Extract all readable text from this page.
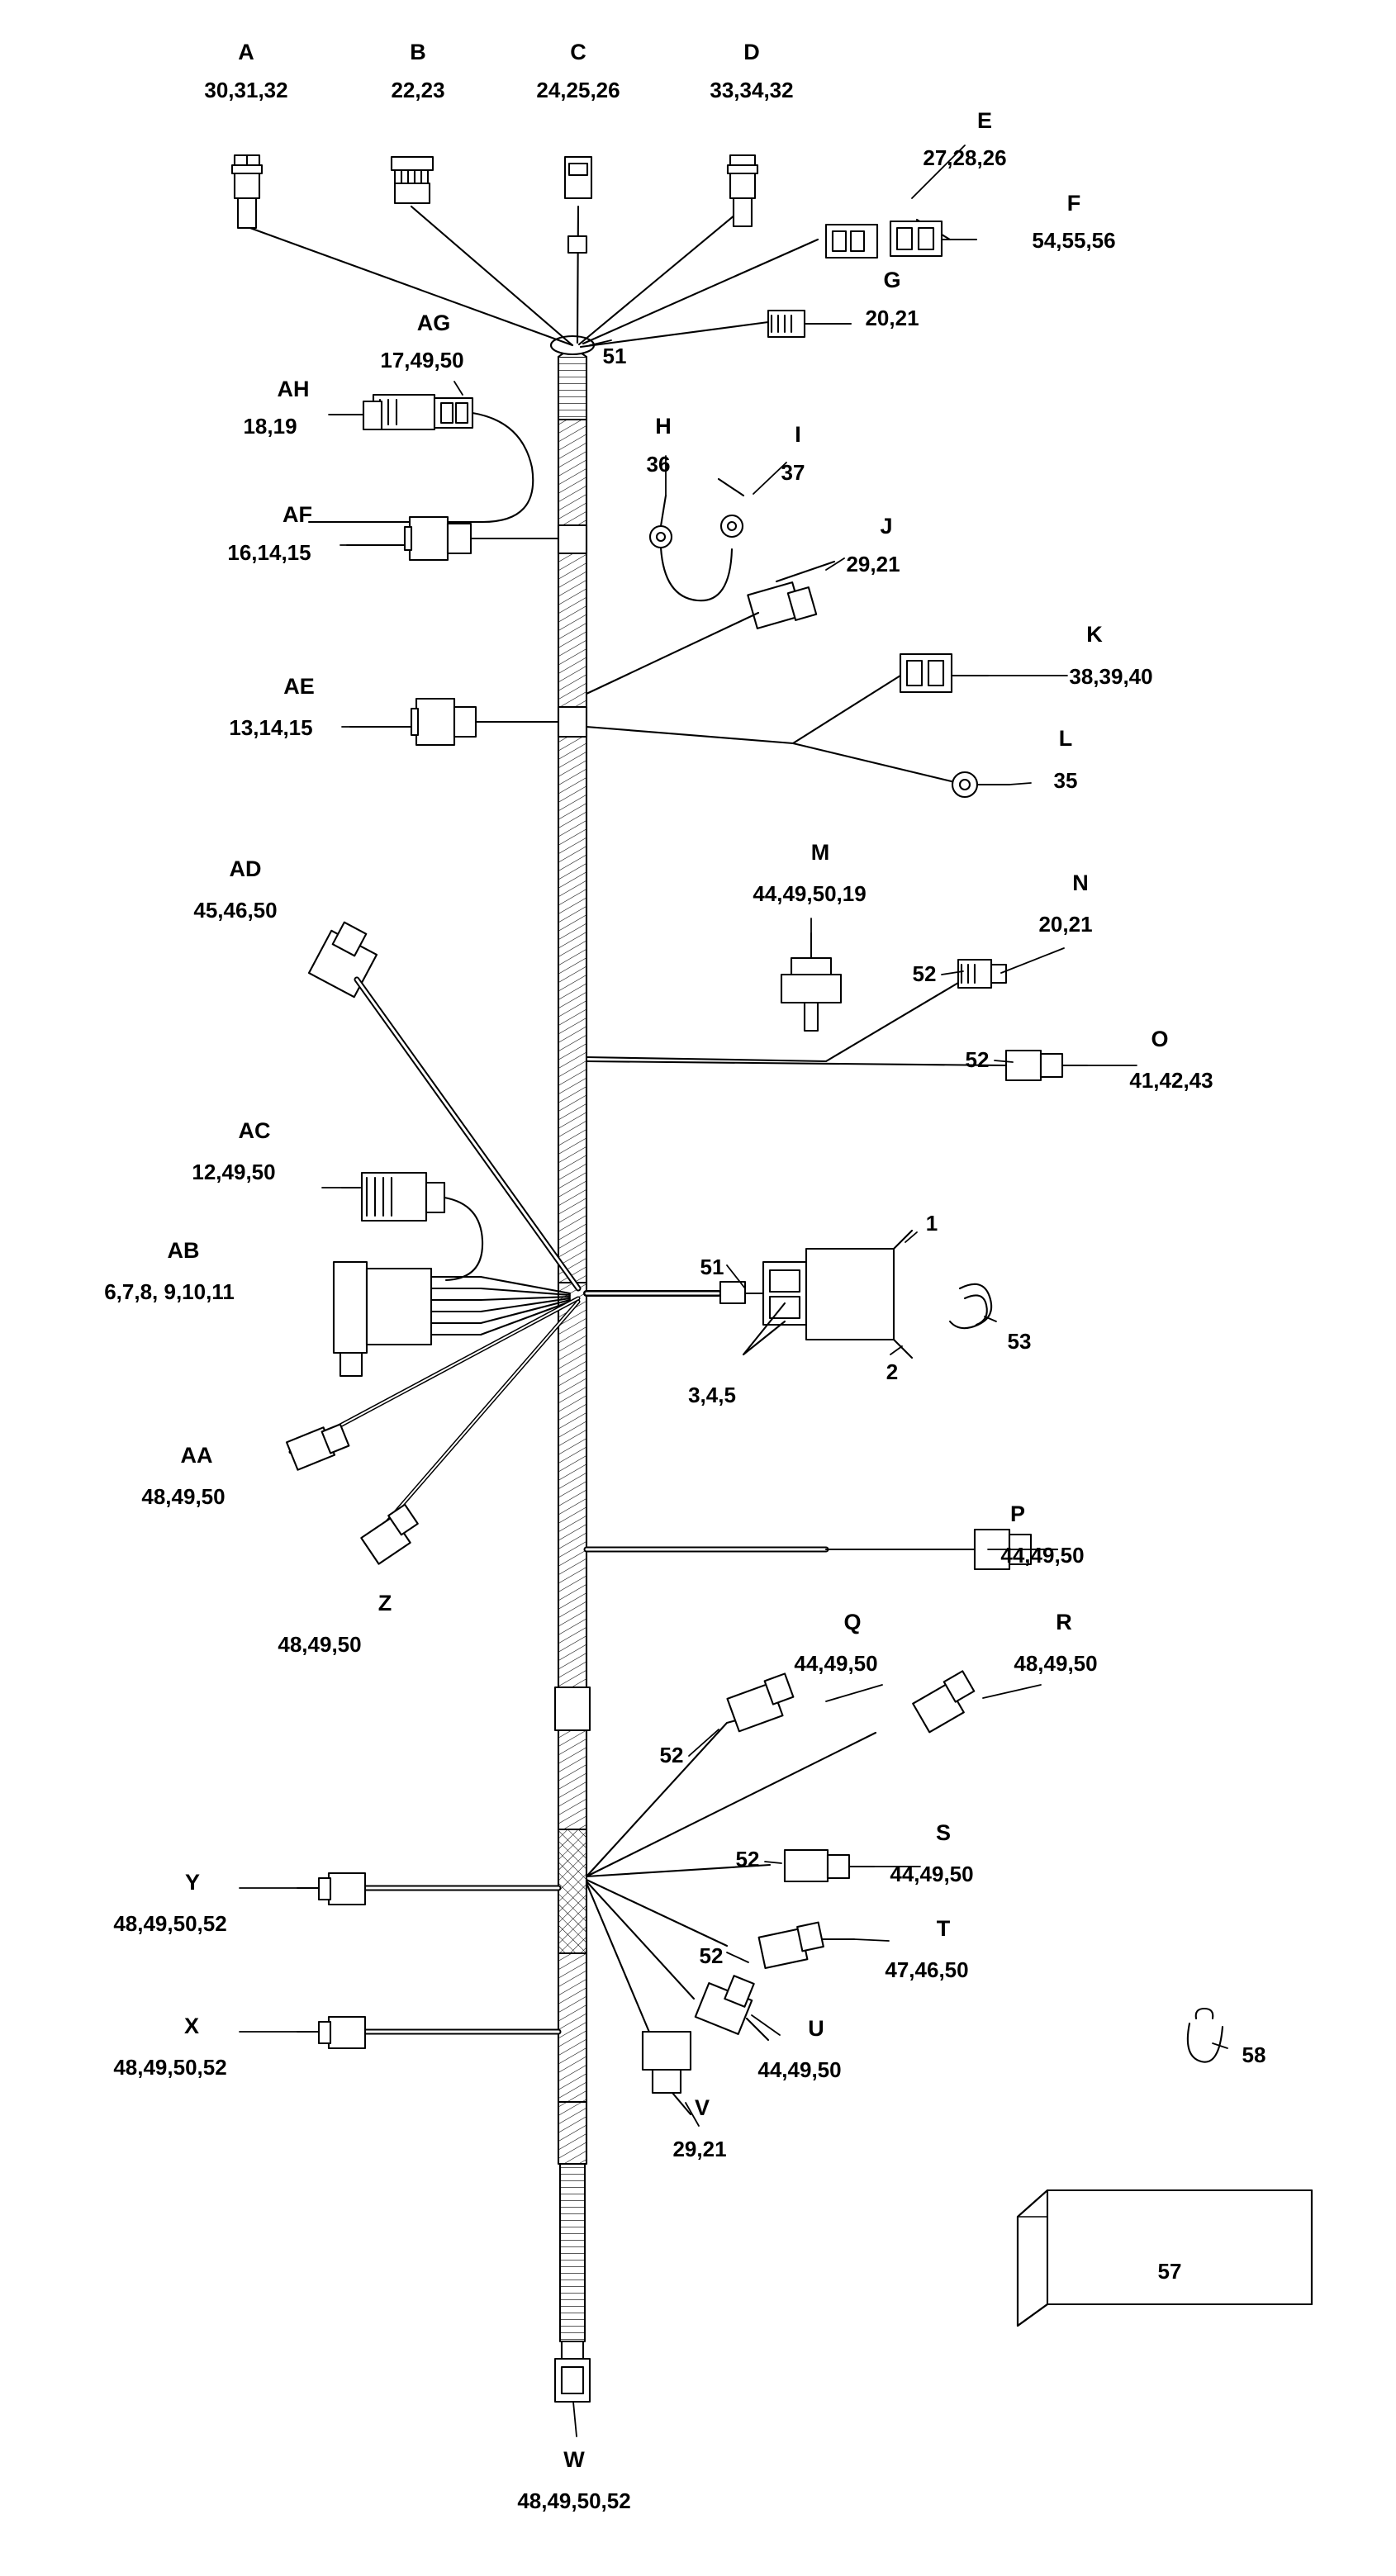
A
30,31,32
B
22,23
C
24,25,26
D
33,34,32
E
27,28,26
F
54,55,56
G
20,21
AG
17,49,50
AH
18,19	H
36
I
37
AF
16,14,15
J
29,21
K
38,39,40
AE
13,14,15	L
35
M
44,49,50,19	N
20,21
AD
45,46,50
O
41,42,43
AC
12,49,50
AB
6,7,8, 9,10,11
AA
48,49,50
Z
48,49,50
P
44,49,50
Q
44,49,50
R
48,49,50
S
44,49,50
T
47,46,50
U
44,49,50
V
29,21
Y
48,49,50,52
X
48,49,50,52
W
48,49,50,52
51
1
51
2
3,4,5
53
52
52
52
52
52
58
57
